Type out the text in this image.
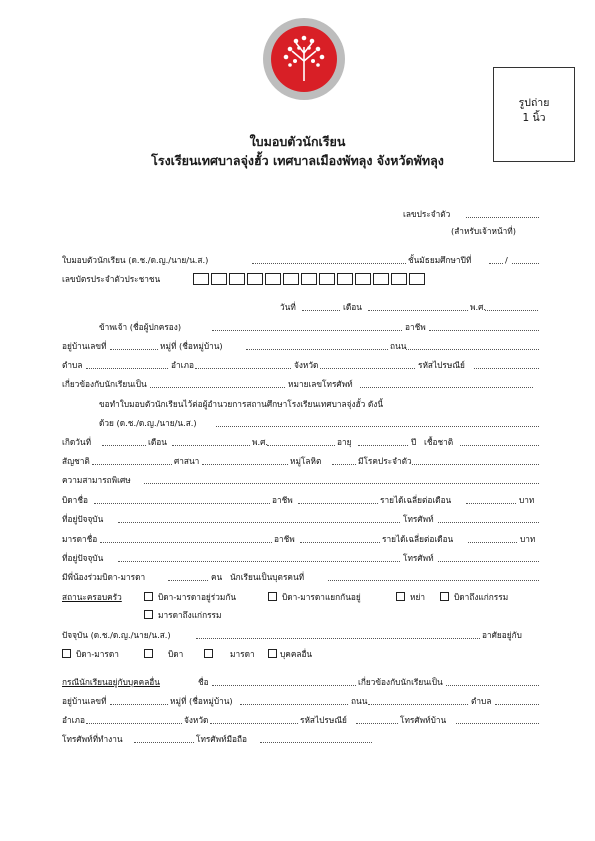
รูปถ่าย
1 นิ้ว
ใบมอบตัวนักเรียน
โรงเรียนเทศบาลจุ่งฮั้ว เทศบาลเมืองพัทลุง จังหวัดพัทลุง
เลขประจำตัว
(สำหรับเจ้าหน้าที่)
ใบมอบตัวนักเรียน (ด.ช./ด.ญ./นาย/น.ส.)	ชั้นมัธยมศึกษาปีที่	/
เลขบัตรประจำตัวประชาชน
วันที่	เดือน	พ.ศ.
ข้าพเจ้า (ชื่อผู้ปกครอง)	อาชีพ
อยู่บ้านเลขที่	หมู่ที่ (ชื่อหมู่บ้าน)	ถนน
ตำบล	อำเภอ	จังหวัด	รหัสไปรษณีย์
เกี่ยวข้องกับนักเรียนเป็น	หมายเลขโทรศัพท์
ขอทำใบมอบตัวนักเรียนไว้ต่อผู้อำนวยการสถานศึกษาโรงเรียนเทศบาลจุ่งฮั้ว ดังนี้
ด้วย (ด.ช./ด.ญ./นาย/น.ส.)
เกิดวันที่	เดือน	พ.ศ.	อายุ	ปี เชื้อชาติ
สัญชาติ	ศาสนา	หมู่โลหิต	มีโรคประจำตัว
ความสามารถพิเศษ
บิดาชื่อ	อาชีพ	รายได้เฉลี่ยต่อเดือน	บาท
ที่อยู่ปัจจุบัน	โทรศัพท์
มารดาชื่อ	อาชีพ	รายได้เฉลี่ยต่อเดือน	บาท
ที่อยู่ปัจจุบัน	โทรศัพท์
มีพี่น้องร่วมบิดา-มารดา	คน นักเรียนเป็นบุตรคนที่
สถานะครอบครัว	บิดา-มารดาอยู่ร่วมกัน	บิดา-มารดาแยกกันอยู่	หย่า	บิดาถึงแก่กรรม
มารดาถึงแก่กรรม
ปัจจุบัน (ด.ช./ด.ญ./นาย/น.ส.)	อาศัยอยู่กับ
บิดา-มารดา	บิดา	มารดา	บุคคลอื่น
กรณีนักเรียนอยู่กับบุคคลอื่น	ชื่อ	เกี่ยวข้องกับนักเรียนเป็น
อยู่บ้านเลขที่	หมู่ที่ (ชื่อหมู่บ้าน)	ถนน	ตำบล
อำเภอ	จังหวัด	รหัสไปรษณีย์	โทรศัพท์บ้าน
โทรศัพท์ที่ทำงาน	โทรศัพท์มือถือ
